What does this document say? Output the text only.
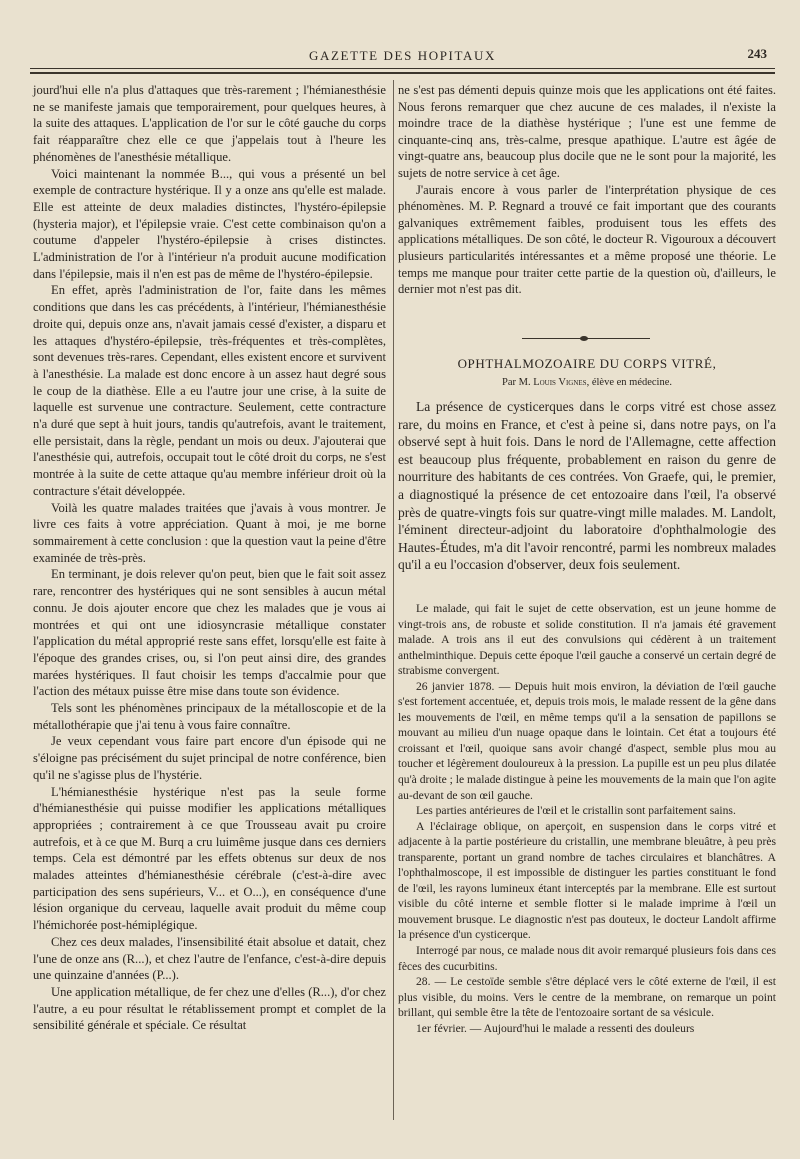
GAZETTE DES HOPITAUX	243

jourd'hui elle n'a plus d'attaques que très-rarement ; l'hémianesthésie ne se manifeste jamais que temporairement, pour quelques heures, à la suite des attaques. L'application de l'or sur le côté gauche du corps fait réapparaître chez elle ce que j'appelais tout à l'heure les phénomènes de l'anesthésie métallique.

Voici maintenant la nommée B..., qui vous a présenté un bel exemple de contracture hystérique. Il y a onze ans qu'elle est malade. Elle est atteinte de deux maladies distinctes, l'hystéro-épilepsie (hysteria major), et l'épilepsie vraie. C'est cette combinaison qu'on a coutume d'appeler l'hystéro-épilepsie à crises distinctes. L'administration de l'or à l'intérieur n'a produit aucune modification dans l'épilepsie, mais il n'en est pas de même de l'hystéro-épilepsie.

En effet, après l'administration de l'or, faite dans les mêmes conditions que dans les cas précédents, à l'intérieur, l'hémianesthésie droite qui, depuis onze ans, n'avait jamais cessé d'exister, a disparu et les attaques d'hystéro-épilepsie, très-fréquentes et très-complètes, sont devenues très-rares. Cependant, elles existent encore et survivent à l'anesthésie. La malade est donc encore à un assez haut degré sous le coup de la diathèse. Elle a eu l'autre jour une crise, à la suite de laquelle est survenue une contracture. Seulement, cette contracture n'a duré que sept à huit jours, tandis qu'autrefois, avant le traitement, elle persistait, dans la règle, pendant un mois ou deux. J'ajouterai que l'anesthésie qui, autrefois, occupait tout le côté droit du corps, ne s'est montrée à la suite de cette attaque qu'au membre inférieur droit où la contracture s'était développée.

Voilà les quatre malades traitées que j'avais à vous montrer. Je livre ces faits à votre appréciation. Quant à moi, je me borne sommairement à cette conclusion : que la question vaut la peine d'être examinée de très-près.

En terminant, je dois relever qu'on peut, bien que le fait soit assez rare, rencontrer des hystériques qui ne sont sensibles à aucun métal connu. Je dois ajouter encore que chez les malades que je vous ai montrées et qui ont une idiosyncrasie métallique constater l'application du métal approprié reste sans effet, lorsqu'elle est faite à l'époque des grandes crises, ou, si l'on peut ainsi dire, des grandes marées hystériques. Il faut choisir les temps d'accalmie pour que l'action des métaux puisse être mise dans toute son évidence.

Tels sont les phénomènes principaux de la métalloscopie et de la métallothérapie que j'ai tenu à vous faire connaître.

Je veux cependant vous faire part encore d'un épisode qui ne s'éloigne pas précisément du sujet principal de notre conférence, bien qu'il ne s'agisse plus de l'hystérie.

L'hémianesthésie hystérique n'est pas la seule forme d'hémianesthésie qui puisse modifier les applications métalliques appropriées ; contrairement à ce que Trousseau avait pu croire autrefois, et à ce que M. Burq a cru luimême jusque dans ces derniers temps. Cela est démontré par les effets obtenus sur deux de nos malades atteintes d'hémianesthésie cérébrale (c'est-à-dire avec participation des sens supérieurs, V... et O...), en conséquence d'une lésion organique du cerveau, laquelle avait produit du même coup l'hémichorée post-hémiplégique.

Chez ces deux malades, l'insensibilité était absolue et datait, chez l'une de onze ans (R...), et chez l'autre de l'enfance, c'est-à-dire depuis une quinzaine d'années (P...).

Une application métallique, de fer chez une d'elles (R...), d'or chez l'autre, a eu pour résultat le rétablissement prompt et complet de la sensibilité générale et spéciale. Ce résultat

ne s'est pas démenti depuis quinze mois que les applications ont été faites. Nous ferons remarquer que chez aucune de ces malades, il n'existe la moindre trace de la diathèse hystérique ; l'une est une femme de cinquante-cinq ans, très-calme, presque apathique. L'autre est âgée de vingt-quatre ans, beaucoup plus docile que ne le sont pour la majorité, les sujets de notre service à cet âge.

J'aurais encore à vous parler de l'interprétation physique de ces phénomènes. M. P. Regnard a trouvé ce fait important que des courants galvaniques extrêmement faibles, produisent tous les effets des applications métalliques. De son côté, le docteur R. Vigouroux a découvert plusieurs particularités intéressantes et a même proposé une théorie. Le temps me manque pour traiter cette partie de la question où, d'ailleurs, le dernier mot n'est pas dit.

OPHTHALMOZOAIRE DU CORPS VITRÉ,
Par M. Louis Vignes, élève en médecine.

La présence de cysticerques dans le corps vitré est chose assez rare, du moins en France, et c'est à peine si, dans notre pays, on l'a observé sept à huit fois. Dans le nord de l'Allemagne, cette affection est beaucoup plus fréquente, probablement en raison du genre de nourriture des habitants de ces contrées. Von Graefe, qui, le premier, a diagnostiqué la présence de cet entozoaire dans l'œil, l'a observé près de quatre-vingts fois sur quatre-vingt mille malades. M. Landolt, l'éminent directeur-adjoint du laboratoire d'ophthalmologie des Hautes-Études, m'a dit l'avoir rencontré, parmi les nombreux malades qu'il a eu l'occasion d'observer, deux fois seulement.

Le malade, qui fait le sujet de cette observation, est un jeune homme de vingt-trois ans, de robuste et solide constitution. Il n'a jamais été gravement malade. A trois ans il eut des convulsions qui cédèrent à un traitement anthelminthique. Depuis cette époque l'œil gauche a conservé un certain degré de strabisme convergent.

26 janvier 1878. — Depuis huit mois environ, la déviation de l'œil gauche s'est fortement accentuée, et, depuis trois mois, le malade ressent de la gêne dans les mouvements de l'œil, en même temps qu'il a la sensation de papillons se mouvant au milieu d'un nuage opaque dans le lointain. Cet état a toujours été croissant et l'œil, quoique sans avoir changé d'aspect, semble plus mou au toucher et légèrement douloureux à la pression. La pupille est un peu plus dilatée qu'à droite ; le malade distingue à peine les mouvements de la main que l'on agite au-devant de son œil gauche.

Les parties antérieures de l'œil et le cristallin sont parfaitement sains.

A l'éclairage oblique, on aperçoit, en suspension dans le corps vitré et adjacente à la partie postérieure du cristallin, une membrane bleuâtre, à peu près transparente, portant un grand nombre de taches circulaires et blanchâtres. A l'ophthalmoscope, il est impossible de distinguer les parties constituant le fond de l'œil, les rayons lumineux étant interceptés par la membrane. Elle est surtout visible du côté interne et semble flotter si le malade imprime à l'œil un mouvement brusque. Le diagnostic n'est pas douteux, le docteur Landolt affirme la présence d'un cysticerque.

Interrogé par nous, ce malade nous dit avoir remarqué plusieurs fois dans ces fèces des cucurbitins.

28. — Le cestoïde semble s'être déplacé vers le côté externe de l'œil, il est plus visible, du moins. Vers le centre de la membrane, on remarque un point brillant, qui semble être la tête de l'entozoaire sortant de sa vésicule.

1er février. — Aujourd'hui le malade a ressenti des douleurs
